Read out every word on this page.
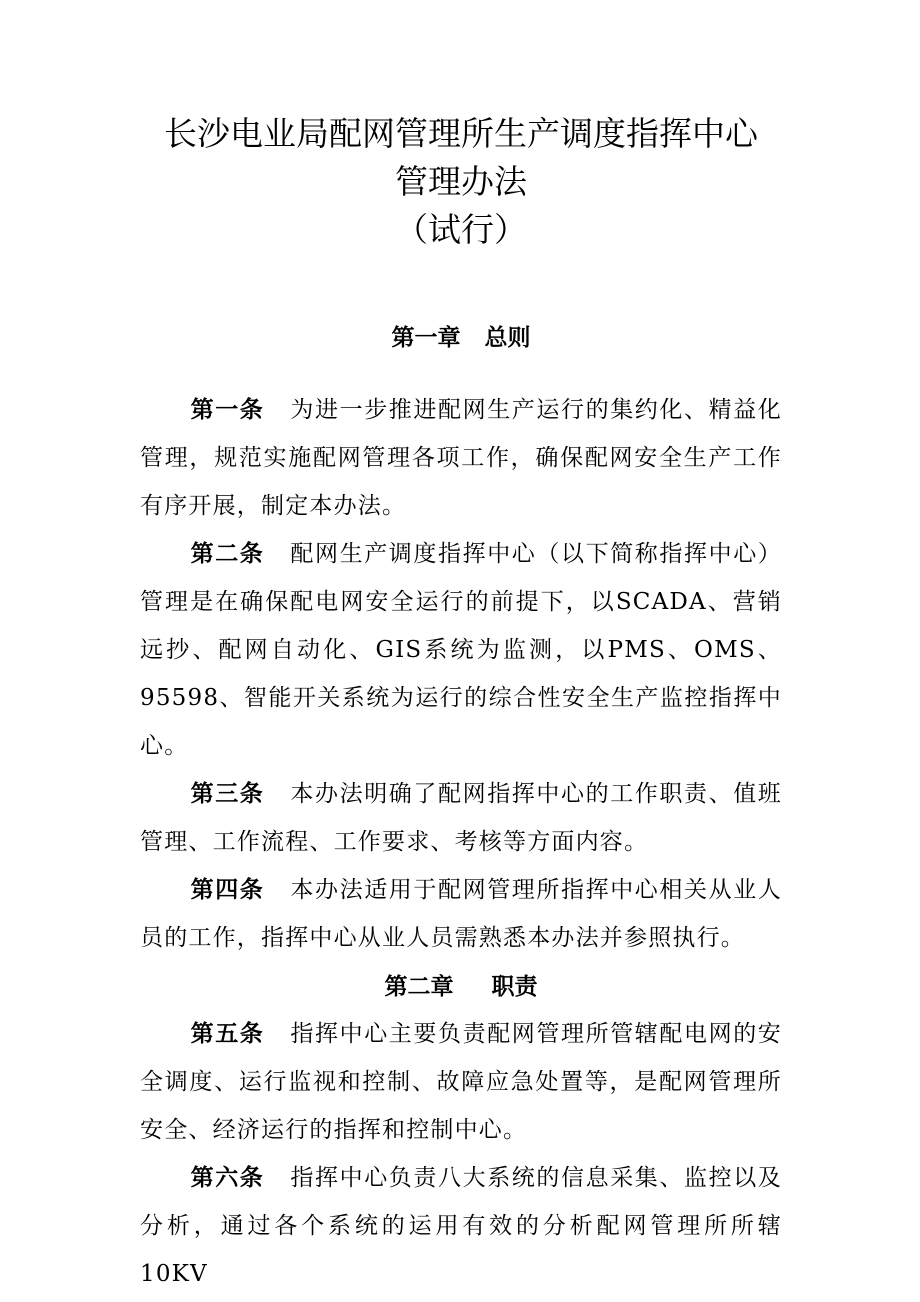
长沙电业局配网管理所生产调度指挥中心
管理办法
（试行）
第一章 总则

第一条 为进一步推进配网生产运行的集约化、精益化管理，规范实施配网管理各项工作，确保配网安全生产工作有序开展，制定本办法。

第二条 配网生产调度指挥中心（以下简称指挥中心）管理是在确保配电网安全运行的前提下，以SCADA、营销远抄、配网自动化、GIS系统为监测，以PMS、OMS、95598、智能开关系统为运行的综合性安全生产监控指挥中心。

第三条 本办法明确了配网指挥中心的工作职责、值班管理、工作流程、工作要求、考核等方面内容。

第四条 本办法适用于配网管理所指挥中心相关从业人员的工作，指挥中心从业人员需熟悉本办法并参照执行。

第二章 职责

第五条 指挥中心主要负责配网管理所管辖配电网的安全调度、运行监视和控制、故障应急处置等，是配网管理所安全、经济运行的指挥和控制中心。

第六条 指挥中心负责八大系统的信息采集、监控以及分析，通过各个系统的运用有效的分析配网管理所所辖10KV
